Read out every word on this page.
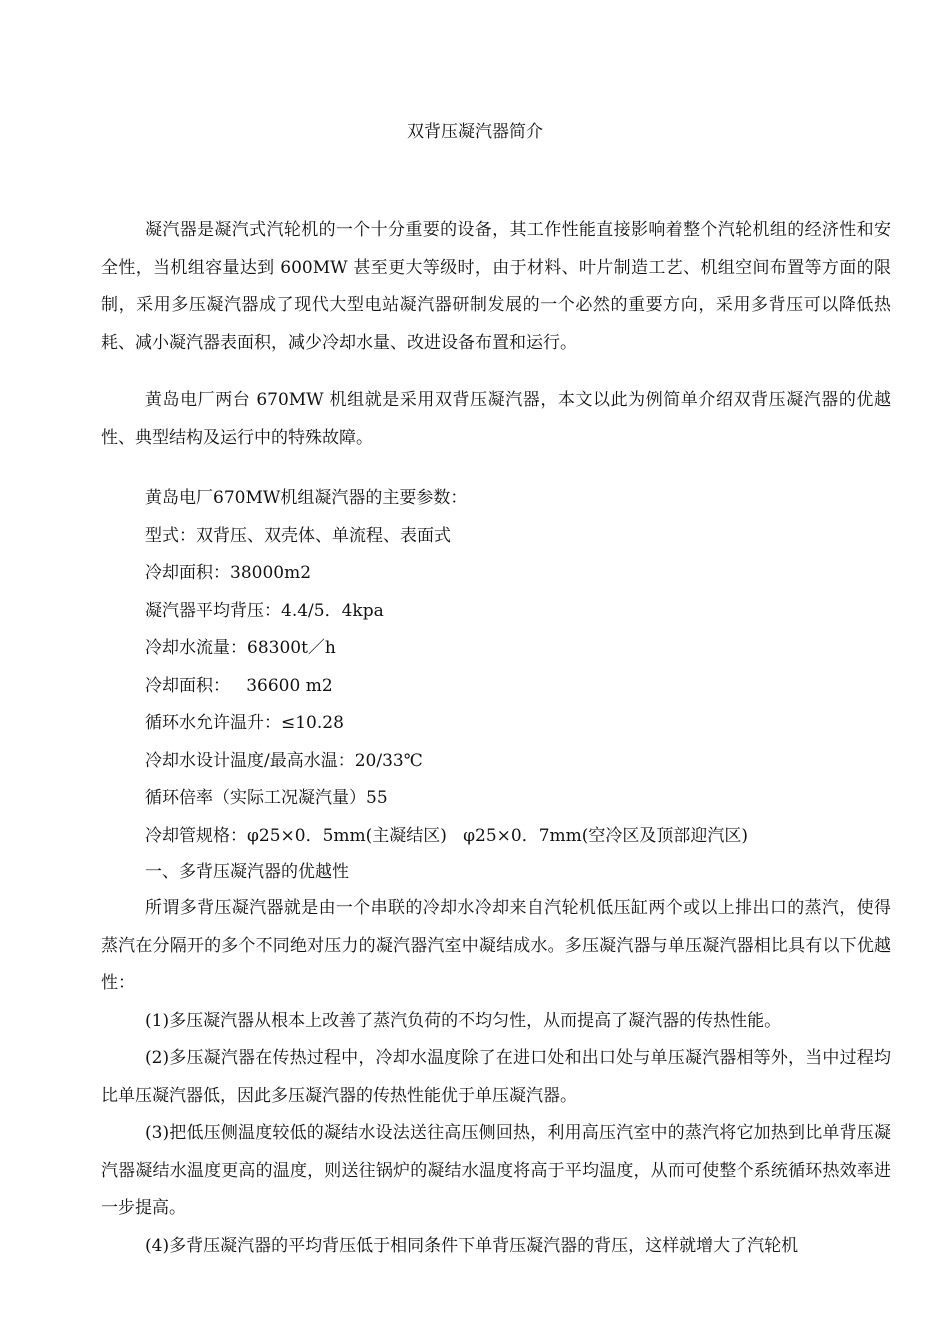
双背压凝汽器简介

凝汽器是凝汽式汽轮机的一个十分重要的设备，其工作性能直接影响着整个汽轮机组的经济性和安全性，当机组容量达到 600MW 甚至更大等级时，由于材料、叶片制造工艺、机组空间布置等方面的限制，采用多压凝汽器成了现代大型电站凝汽器研制发展的一个必然的重要方向，采用多背压可以降低热耗、减小凝汽器表面积，减少冷却水量、改进设备布置和运行。

黄岛电厂两台 670MW 机组就是采用双背压凝汽器，本文以此为例简单介绍双背压凝汽器的优越性、典型结构及运行中的特殊故障。

黄岛电厂670MW机组凝汽器的主要参数：

型式：双背压、双壳体、单流程、表面式

冷却面积：38000m2

凝汽器平均背压：4.4/5．4kpa

冷却水流量：68300t／h

冷却面积：   36600 m2

循环水允许温升：≤10.28

冷却水设计温度/最高水温：20/33℃

循环倍率（实际工况凝汽量）55

冷却管规格：φ25×0．5mm(主凝结区)   φ25×0．7mm(空冷区及顶部迎汽区)

一、多背压凝汽器的优越性

所谓多背压凝汽器就是由一个串联的冷却水冷却来自汽轮机低压缸两个或以上排出口的蒸汽，使得蒸汽在分隔开的多个不同绝对压力的凝汽器汽室中凝结成水。多压凝汽器与单压凝汽器相比具有以下优越性：

(1)多压凝汽器从根本上改善了蒸汽负荷的不均匀性，从而提高了凝汽器的传热性能。

(2)多压凝汽器在传热过程中，冷却水温度除了在进口处和出口处与单压凝汽器相等外，当中过程均比单压凝汽器低，因此多压凝汽器的传热性能优于单压凝汽器。

(3)把低压侧温度较低的凝结水设法送往高压侧回热，利用高压汽室中的蒸汽将它加热到比单背压凝汽器凝结水温度更高的温度，则送往锅炉的凝结水温度将高于平均温度，从而可使整个系统循环热效率进一步提高。

(4)多背压凝汽器的平均背压低于相同条件下单背压凝汽器的背压，这样就增大了汽轮机
